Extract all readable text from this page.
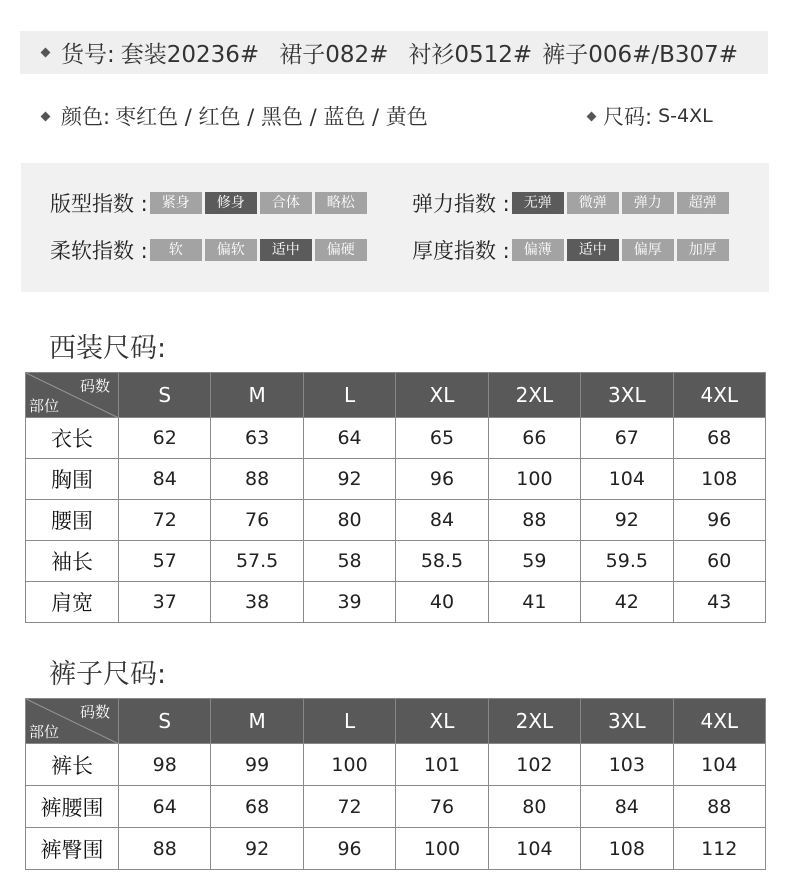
货号: 套装20236# 裙子082# 衬衫0512# 裤子006#/B307#
颜色: 枣红色 / 红色 / 黑色 / 蓝色 / 黄色	尺码: S-4XL
版型指数 :	紧身	修身	合体	略松	弹力指数 :	无弹	微弹	弹力	超弹
柔软指数 :	软	偏软	适中	偏硬	厚度指数 :	偏薄	适中	偏厚	加厚
西装尺码:
码数
部位	S	M	L	XL	2XL	3XL	4XL
衣长	62	63	64	65	66	67	68
胸围	84	88	92	96	100	104	108
腰围	72	76	80	84	88	92	96
袖长	57	57.5	58	58.5	59	59.5	60
肩宽	37	38	39	40	41	42	43
裤子尺码:
码数
部位	S	M	L	XL	2XL	3XL	4XL
裤长	98	99	100	101	102	103	104
裤腰围	64	68	72	76	80	84	88
裤臀围	88	92	96	100	104	108	112
